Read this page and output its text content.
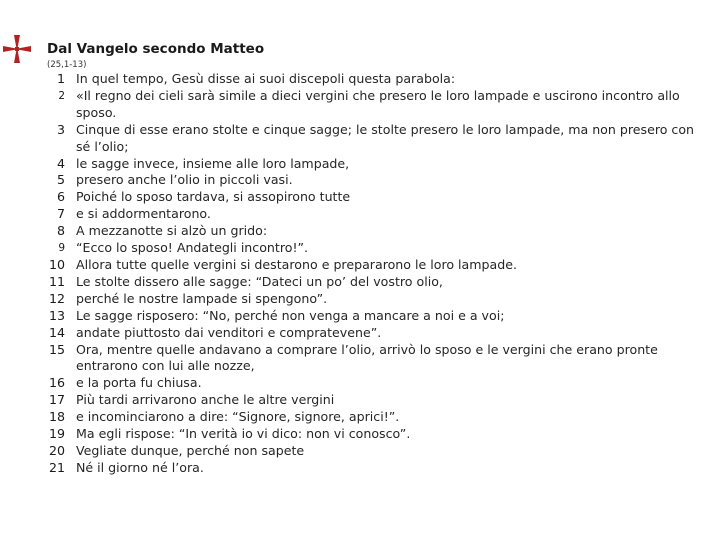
Dal Vangelo secondo Matteo
(25,1-13)
1 In quel tempo, Gesù disse ai suoi discepoli questa parabola:
2 «Il regno dei cieli sarà simile a dieci vergini che presero le loro lampade e uscirono incontro allo sposo.
3 Cinque di esse erano stolte e cinque sagge; le stolte presero le loro lampade, ma non presero con sé l’olio;
4 le sagge invece, insieme alle loro lampade,
5 presero anche l’olio in piccoli vasi.
6 Poiché lo sposo tardava, si assopirono tutte
7 e si addormentarono.
8 A mezzanotte si alzò un grido:
9 “Ecco lo sposo! Andategli incontro!”.
10 Allora tutte quelle vergini si destarono e prepararono le loro lampade.
11 Le stolte dissero alle sagge: “Dateci un po’ del vostro olio,
12 perché le nostre lampade si spengono”.
13 Le sagge risposero: “No, perché non venga a mancare a noi e a voi;
14 andate piuttosto dai venditori e compratevene”.
15 Ora, mentre quelle andavano a comprare l’olio, arrivò lo sposo e le vergini che erano pronte entrarono con lui alle nozze,
16 e la porta fu chiusa.
17 Più tardi arrivarono anche le altre vergini
18 e incominciarono a dire: “Signore, signore, aprici!”.
19 Ma egli rispose: “In verità io vi dico: non vi conosco”.
20 Vegliate dunque, perché non sapete
21 Né il giorno né l’ora.
